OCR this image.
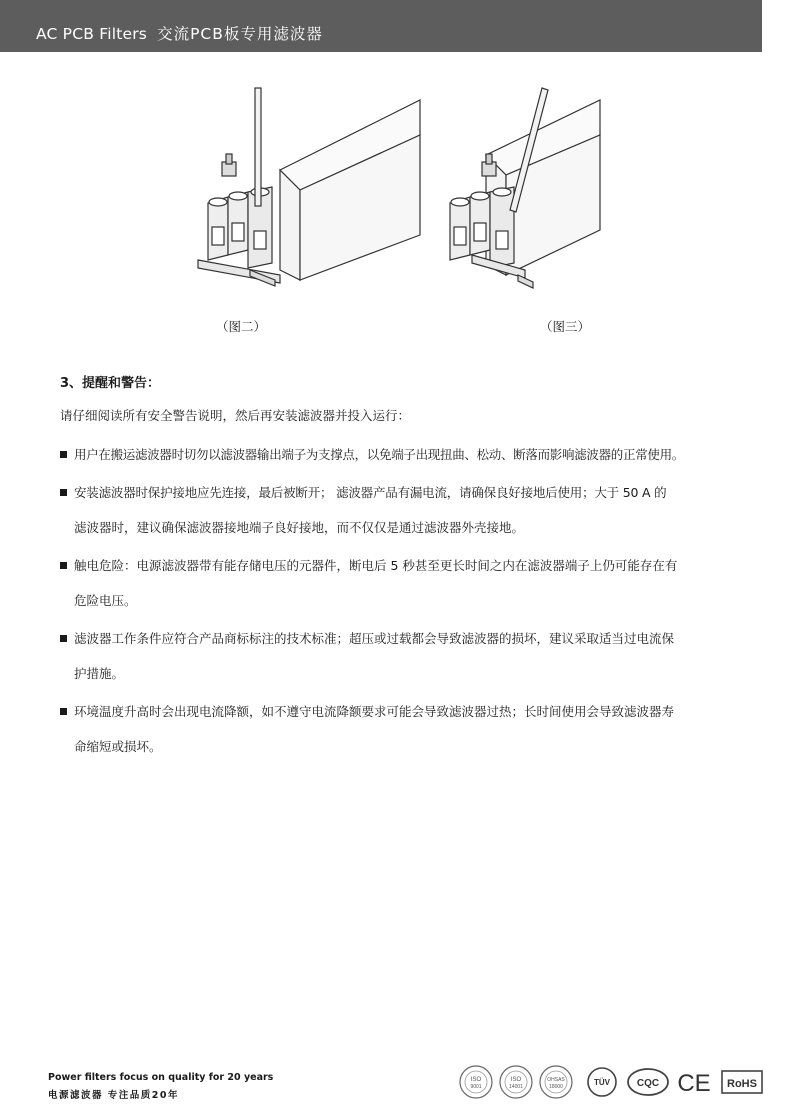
AC PCB Filters 交流PCB板专用滤波器
（图二）	（图三）
3、提醒和警告：
请仔细阅读所有安全警告说明，然后再安装滤波器并投入运行：
用户在搬运滤波器时切勿以滤波器输出端子为支撑点，以免端子出现扭曲、松动、断落而影响滤波器的正常使用。
安装滤波器时保护接地应先连接，最后被断开； 滤波器产品有漏电流，请确保良好接地后使用；大于 50 A 的
滤波器时，建议确保滤波器接地端子良好接地，而不仅仅是通过滤波器外壳接地。
触电危险：电源滤波器带有能存储电压的元器件，断电后 5 秒甚至更长时间之内在滤波器端子上仍可能存在有
危险电压。
滤波器工作条件应符合产品商标标注的技术标准；超压或过载都会导致滤波器的损坏，建议采取适当过电流保
护措施。
环境温度升高时会出现电流降额，如不遵守电流降额要求可能会导致滤波器过热；长时间使用会导致滤波器寿
命缩短或损坏。
Power filters focus on quality for 20 years
电源滤波器 专注品质20年
ISO
9001
ISO
14001
OHSAS
18000	TÜV	CQC CE RoHS
